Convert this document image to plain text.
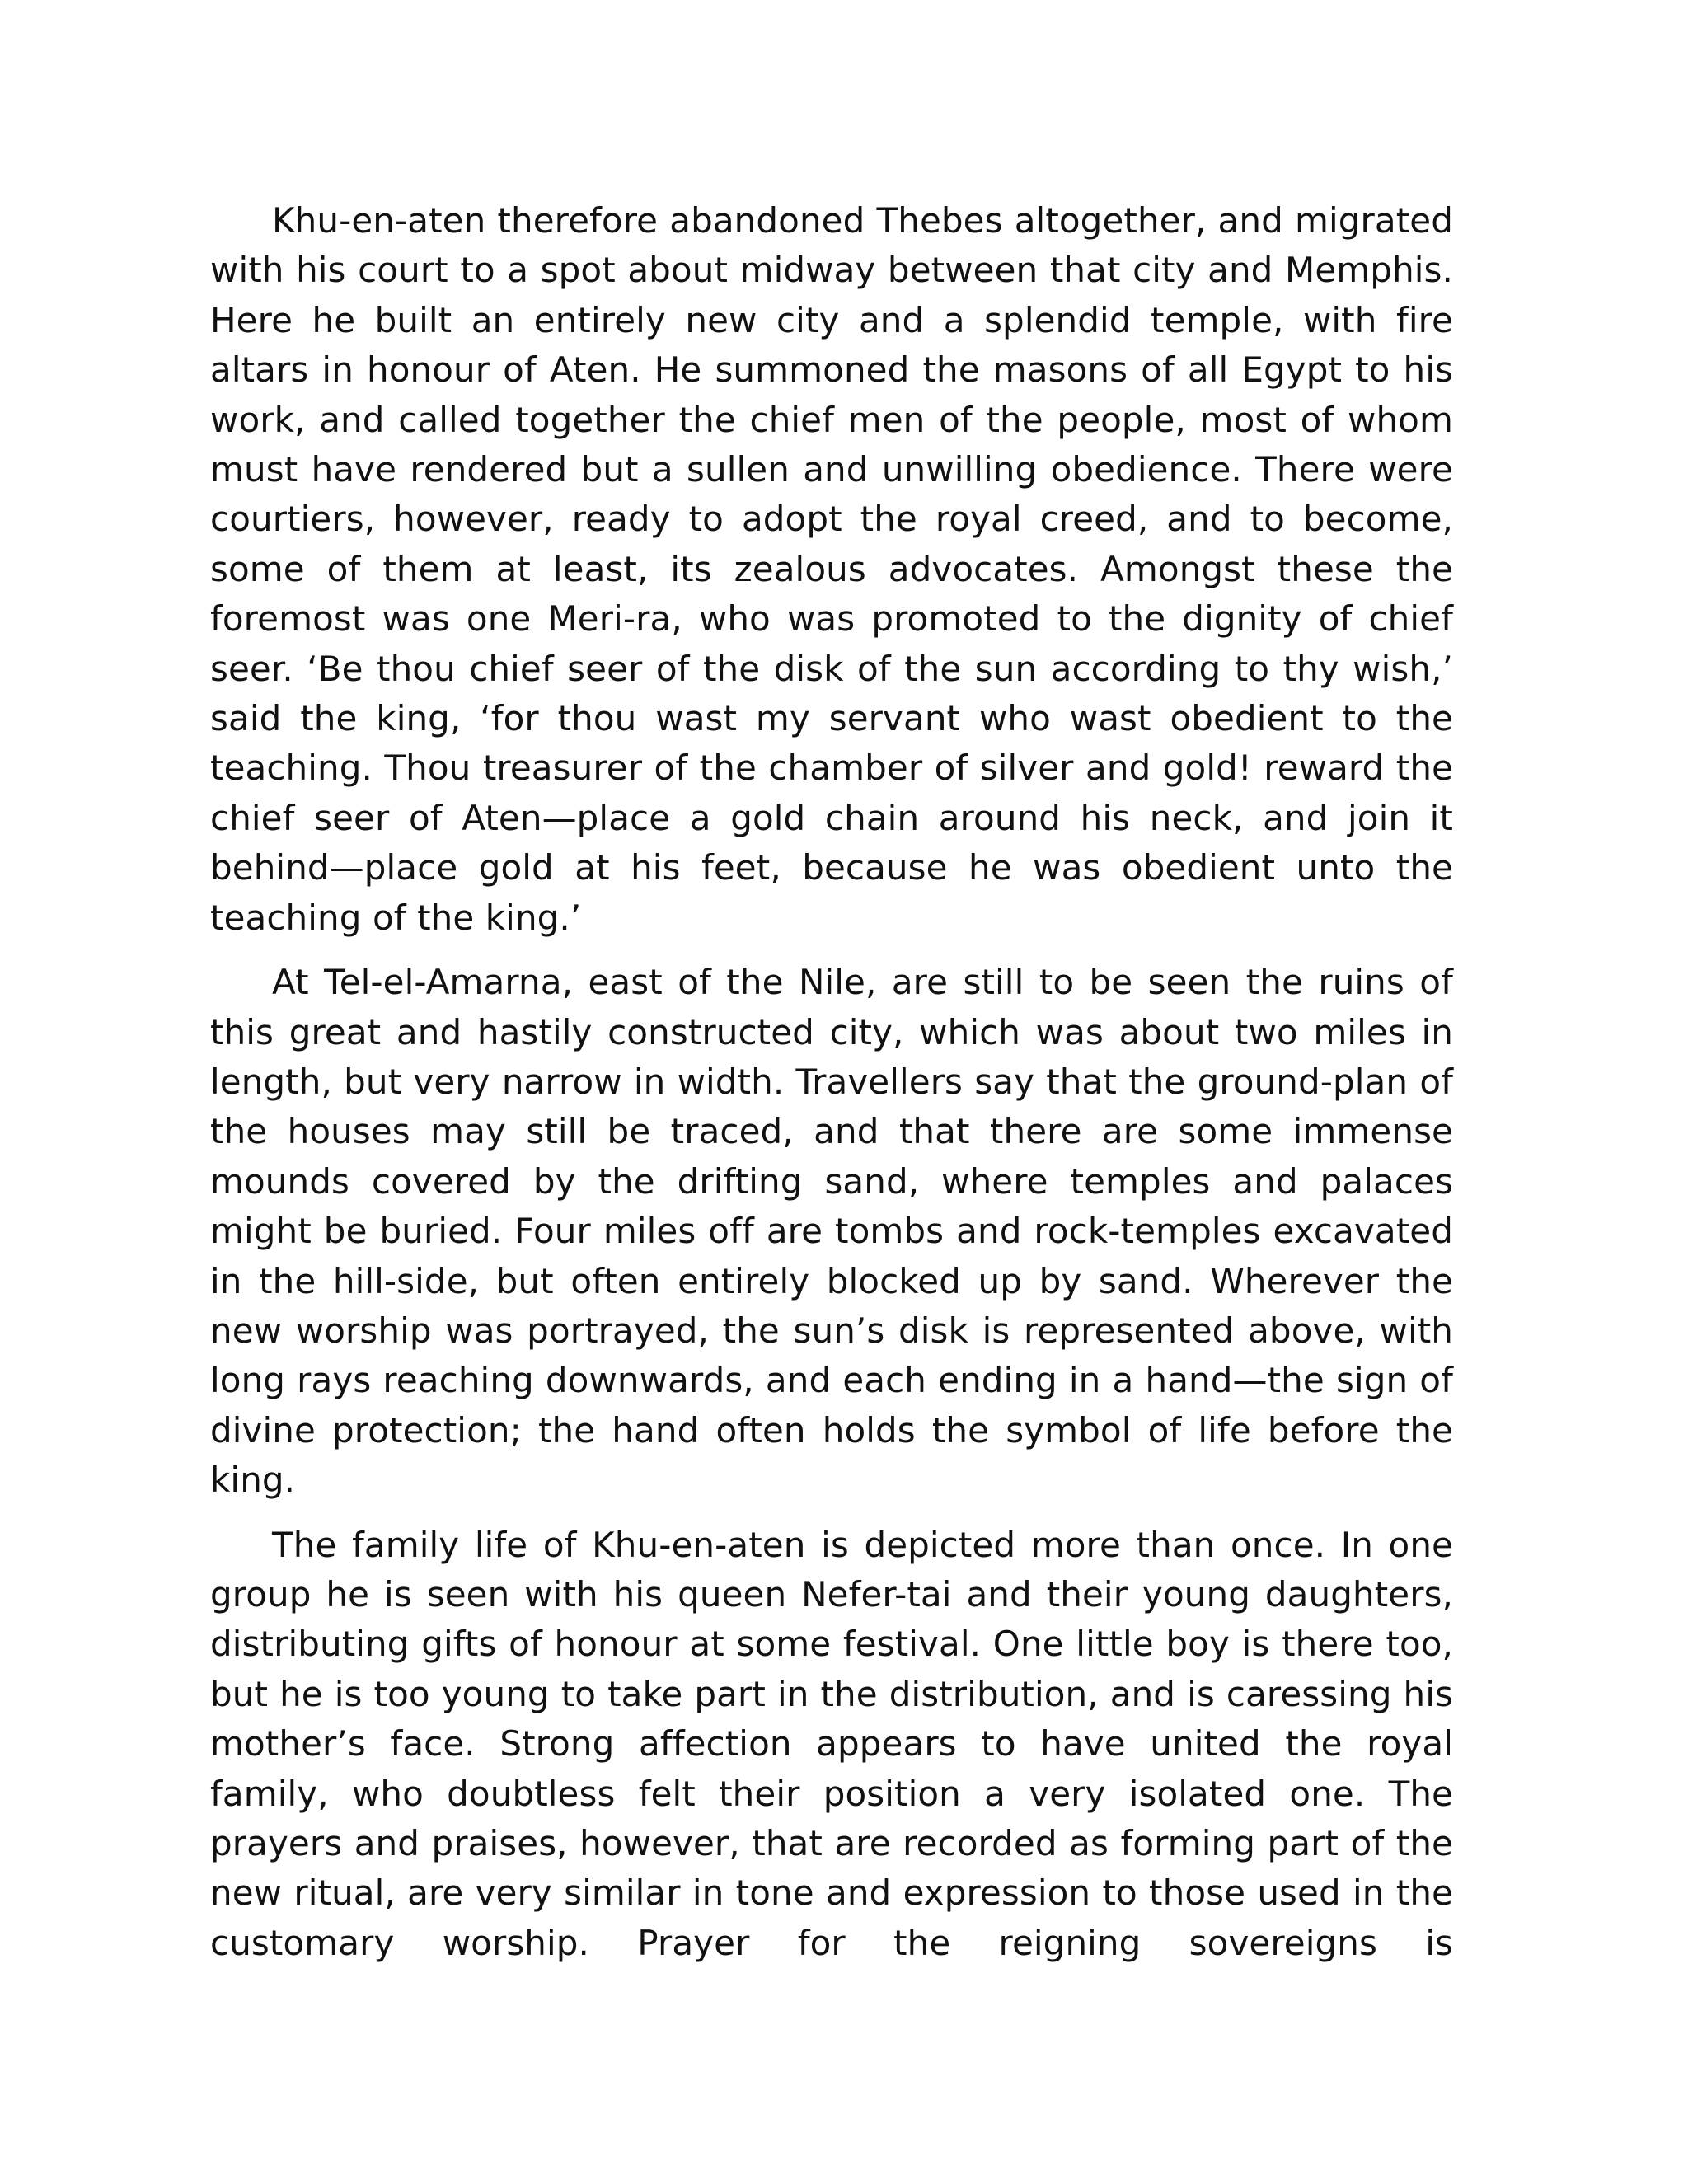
Khu-en-aten therefore abandoned Thebes altogether, and migrated with his court to a spot about midway between that city and Memphis. Here he built an entirely new city and a splendid temple, with fire altars in honour of Aten. He summoned the masons of all Egypt to his work, and called together the chief men of the people, most of whom must have rendered but a sullen and unwilling obedience. There were courtiers, however, ready to adopt the royal creed, and to become, some of them at least, its zealous advocates. Amongst these the foremost was one Meri-ra, who was promoted to the dignity of chief seer. ‘Be thou chief seer of the disk of the sun according to thy wish,’ said the king, ‘for thou wast my servant who wast obedient to the teaching. Thou treasurer of the chamber of silver and gold! reward the chief seer of Aten—place a gold chain around his neck, and join it behind—place gold at his feet, because he was obedient unto the teaching of the king.’

At Tel-el-Amarna, east of the Nile, are still to be seen the ruins of this great and hastily constructed city, which was about two miles in length, but very narrow in width. Travellers say that the ground-plan of the houses may still be traced, and that there are some immense mounds covered by the drifting sand, where temples and palaces might be buried. Four miles off are tombs and rock-temples excavated in the hill-side, but often entirely blocked up by sand. Wherever the new worship was portrayed, the sun’s disk is represented above, with long rays reaching downwards, and each ending in a hand—the sign of divine protection; the hand often holds the symbol of life before the king.

The family life of Khu-en-aten is depicted more than once. In one group he is seen with his queen Nefer-tai and their young daughters, distributing gifts of honour at some festival. One little boy is there too, but he is too young to take part in the distribution, and is caressing his mother’s face. Strong affection appears to have united the royal family, who doubtless felt their position a very isolated one. The prayers and praises, however, that are recorded as forming part of the new ritual, are very similar in tone and expression to those used in the customary worship. Prayer for the reigning sovereigns is
